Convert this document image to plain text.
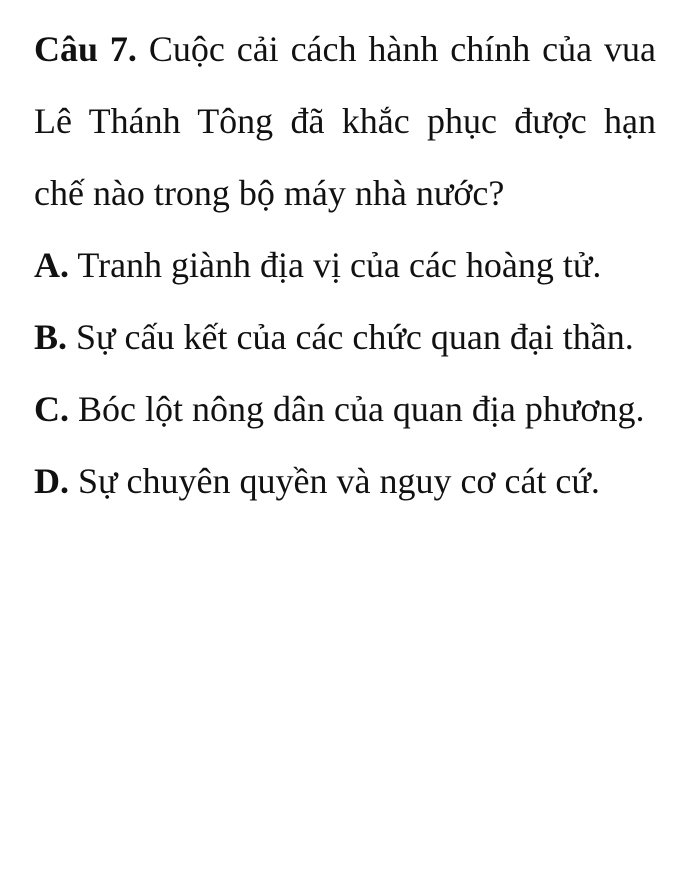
Câu 7. Cuộc cải cách hành chính của vua Lê Thánh Tông đã khắc phục được hạn chế nào trong bộ máy nhà nước?

A. Tranh giành địa vị của các hoàng tử.

B. Sự cấu kết của các chức quan đại thần.

C. Bóc lột nông dân của quan địa phương.

D. Sự chuyên quyền và nguy cơ cát cứ.
